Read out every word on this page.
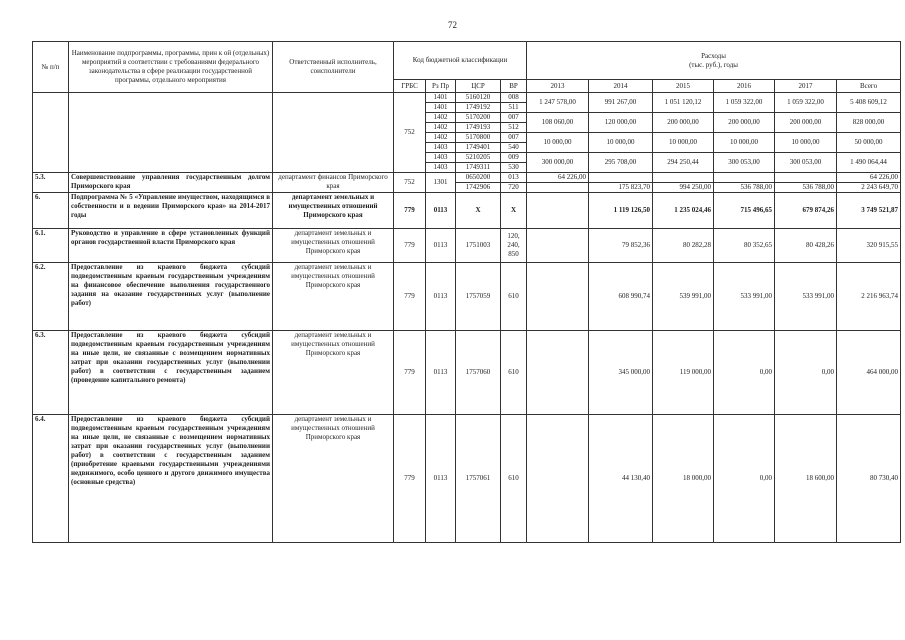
72
№ п/п	Наименование подпрограммы, программы, прин к ой (отдельных) мероприятий в соответствии с требованиями федерального законодательства в сфере реализации государственной программы, отдельного мероприятия	Ответственный исполнитель, соисполнители	Код бюджетной классификации				Расходы
(тыс. руб.), годы					
			ГРБС	Рз Пр	ЦСР	ВР	2013	2014	2015	2016	2017	Всего
			752	1401	5160120	008	1 247 578,00	991 267,00	1 051 120,12	1 059 322,00	1 059 322,00	5 408 609,12
				1401	1749192	511						
				1402	5170200	007	108 060,00	120 000,00	200 000,00	200 000,00	200 000,00	828 000,00
				1402	1749193	512						
				1402	5170800	007	10 000,00	10 000,00	10 000,00	10 000,00	10 000,00	50 000,00
				1403	1749401	540						
				1403	5210205	009	300 000,00	295 708,00	294 250,44	300 053,00	300 053,00	1 490 064,44
				1403	1749311	530						
5.3.	Совершенствование управления государственным долгом Приморского края	департамент финансов Приморского края	752	1301	0650200	013	64 226,00					64 226,00
					1742906	720		175 823,70	994 250,00	536 788,00	536 788,00	2 243 649,70
6.	Подпрограмма № 5 «Управление имуществом, находящимся в собственности и в ведении Приморского края» на 2014-2017 годы	департамент земельных и имущественных отношений Приморского края	779	0113	X	X		1 119 126,50	1 235 024,46	715 496,65	679 874,26	3 749 521,87
6.1.	Руководство и управление в сфере установленных функций органов государственной власти Приморского края	департамент земельных и имущественных отношений Приморского края	779	0113	1751003	120,
240,
850		79 852,36	80 282,28	80 352,65	80 428,26	320 915,55
6.2.	Предоставление из краевого бюджета субсидий подведомственным краевым государственным учреждениям на финансовое обеспечение выполнения государственного задания на оказание государственных услуг (выполнение работ)	департамент земельных и имущественных отношений Приморского края	779	0113	1757059	610		608 990,74	539 991,00	533 991,00	533 991,00	2 216 963,74
6.3.	Предоставление из краевого бюджета субсидий подведомственным краевым государственным учреждениям на иные цели, не связанные с возмещением нормативных затрат при оказании государственных услуг (выполнении работ) в соответствии с государственным заданием (проведение капитального ремонта)	департамент земельных и имущественных отношений Приморского края	779	0113	1757060	610		345 000,00	119 000,00	0,00	0,00	464 000,00
6.4.	Предоставление из краевого бюджета субсидий подведомственным краевым государственным учреждениям на иные цели, не связанные с возмещением нормативных затрат при оказании государственных услуг (выполнении работ) в соответствии с государственным заданием (приобретение краевыми государственными учреждениями недвижимого, особо ценного и другого движимого имущества (основные средства)	департамент земельных и имущественных отношений Приморского края	779	0113	1757061	610		44 130,40	18 000,00	0,00	18 600,00	80 730,40
